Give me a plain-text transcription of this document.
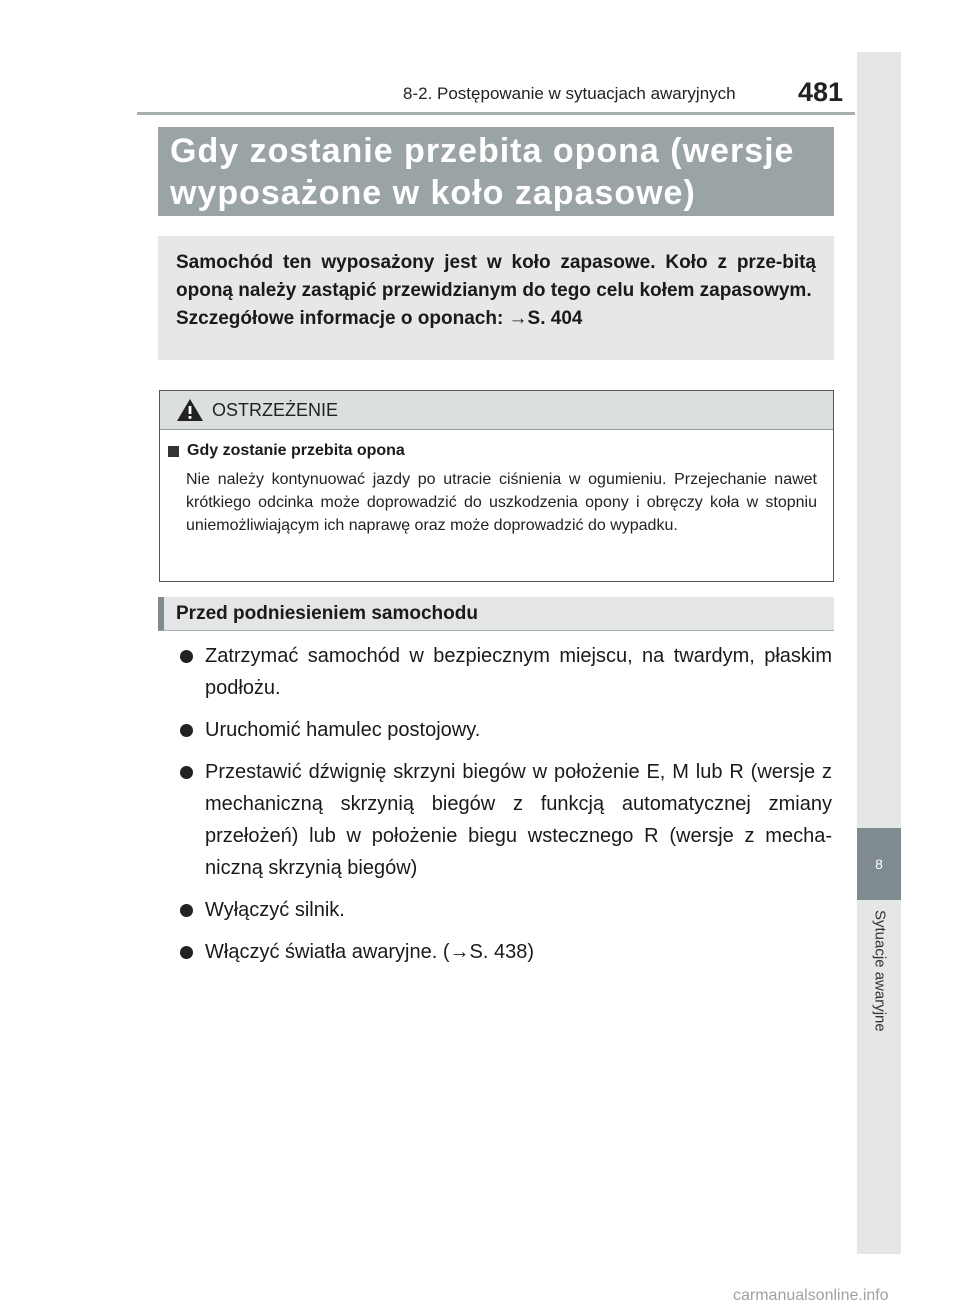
8-2. Postępowanie w sytuacjach awaryjnych 481
8
Sytuacje awaryjne
Gdy zostanie przebita opona (wersje wyposażone w koło zapasowe)
Samochód ten wyposażony jest w koło zapasowe. Koło z prze-bitą oponą należy zastąpić przewidzianym do tego celu kołem zapasowym.
Szczegółowe informacje o oponach: →S. 404
OSTRZEŻENIE
Gdy zostanie przebita opona
Nie należy kontynuować jazdy po utracie ciśnienia w ogumieniu. Przejechanie nawet krótkiego odcinka może doprowadzić do uszkodzenia opony i obręczy koła w stopniu uniemożliwiającym ich naprawę oraz może doprowadzić do wypadku.
Przed podniesieniem samochodu
Zatrzymać samochód w bezpiecznym miejscu, na twardym, płaskim podłożu.
Uruchomić hamulec postojowy.
Przestawić dźwignię skrzyni biegów w położenie E, M lub R (wersje z mechaniczną skrzynią biegów z funkcją automatycznej zmiany przełożeń) lub w położenie biegu wstecznego R (wersje z mecha-niczną skrzynią biegów)
Wyłączyć silnik.
Włączyć światła awaryjne. (→S. 438)
carmanualsonline.info
